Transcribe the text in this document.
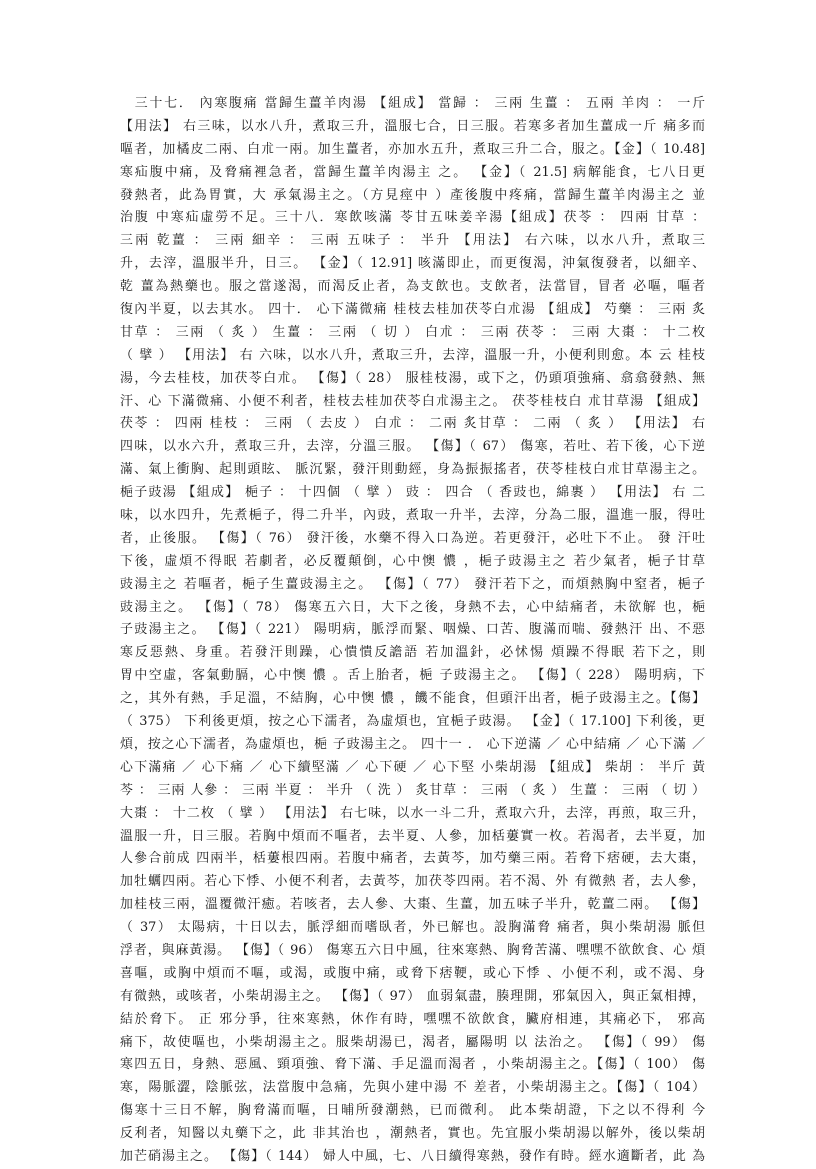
　三十七． 內寒腹痛 當歸生薑羊肉湯 【組成】 當歸 ： 三兩 生薑 ： 五兩 羊肉 ： 一斤
【用法】 右三味，以水八升，煮取三升，溫服七合，日三服。若寒多者加生薑成一斤 痛多而
嘔者，加橘皮二兩、白朮一兩。加生薑者，亦加水五升，煮取三升二合，服之。【金】（ 10.48]
寒疝腹中痛，及脅痛裡急者，當歸生薑羊肉湯主 之。 【金】（ 21.5] 病解能食，七八日更
發熱者，此為胃實，大 承氣湯主之。（方見痙中 ）產後腹中疼痛，當歸生薑羊肉湯主之 並
治腹 中寒疝虛勞不足。三十八．寒飲咳滿 苓甘五味姜辛湯【組成】茯苓 ： 四兩 甘草 ：
三兩 乾薑 ： 三兩 細辛 ： 三兩 五味子 ： 半升 【用法】 右六味，以水八升，煮取三
升，去滓，溫服半升，日三。 【金】（ 12.91] 咳滿即止，而更復渴，沖氣復發者，以細辛、
乾 薑為熱藥也。服之當遂渴，而渴反止者，為支飲也。支飲者，法當冒，冒者 必嘔，嘔者
復內半夏，以去其水。 四十． 心下滿微痛 桂枝去桂加茯苓白朮湯 【組成】 芍藥 ： 三兩 炙
甘草 ： 三兩 （ 炙 ） 生薑 ： 三兩 （ 切 ） 白朮 ： 三兩 茯苓 ： 三兩 大棗 ： 十二枚
（ 擘 ） 【用法】 右 六味，以水八升，煮取三升，去滓，溫服一升，小便利則愈。本 云 桂枝
湯，今去桂枝，加茯苓白朮。 【傷】（ 28） 服桂枝湯，或下之，仍頭項強痛、翕翕發熱、無
汗、心 下滿微痛、小便不利者，桂枝去桂加茯苓白朮湯主之。 茯苓桂枝白 朮甘草湯 【組成】
茯苓 ： 四兩 桂枝 ： 三兩 （ 去皮 ） 白朮 ： 二兩 炙甘草 ： 二兩 （ 炙 ） 【用法】 右
四味，以水六升，煮取三升，去滓，分溫三服。 【傷】（ 67） 傷寒，若吐、若下後，心下逆
滿、氣上衝胸、起則頭眩、 脈沉緊，發汗則動經，身為振振搖者，茯苓桂枝白朮甘草湯主之。
梔子豉湯 【組成】 梔子 ： 十四個 （ 擘 ） 豉 ： 四合 （ 香豉也，綿裹 ） 【用法】 右 二
味，以水四升，先煮梔子，得二升半，內豉，煮取一升半，去滓，分為二服，溫進一服，得吐
者，止後服。 【傷】（ 76） 發汗後，水藥不得入口為逆。若更發汗，必吐下不止。 發 汗吐
下後，虛煩不得眠 若劇者，必反覆顛倒，心中懊 憹 ，梔子豉湯主之 若少氣者，梔子甘草
豉湯主之 若嘔者，梔子生薑豉湯主之。 【傷】（ 77） 發汗若下之，而煩熱胸中窒者，梔子
豉湯主之。 【傷】（ 78） 傷寒五六日，大下之後，身熱不去，心中結痛者，未欲解 也，梔
子豉湯主之。 【傷】（ 221） 陽明病，脈浮而緊、咽燥、口苦、腹滿而喘、發熱汗 出、不惡
寒反惡熱、身重。若發汗則躁，心憒憒反譫語 若加溫針，必怵惕 煩躁不得眠 若下之，則
胃中空虛，客氣動膈，心中懊 憹 。舌上胎者，梔 子豉湯主之。 【傷】（ 228） 陽明病，下
之，其外有熱，手足溫，不結胸，心中懊 憹 ，饑不能食，但頭汗出者，梔子豉湯主之。【傷】
（ 375） 下利後更煩，按之心下濡者，為虛煩也，宜梔子豉湯。 【金】（ 17.100] 下利後，更
煩，按之心下濡者，為虛煩也，梔 子豉湯主之。 四十一 ． 心下逆滿 ／ 心中結痛 ／ 心下滿 ／
心下滿痛 ／ 心下痛 ／ 心下續堅滿 ／ 心下硬 ／ 心下堅 小柴胡湯 【組成】 柴胡 ： 半斤 黃
芩 ： 三兩 人參 ： 三兩 半夏 ： 半升 （ 洗 ） 炙甘草 ： 三兩 （ 炙 ） 生薑 ： 三兩 （ 切 ）
大棗 ： 十二枚 （ 擘 ） 【用法】 右七味，以水一斗二升，煮取六升，去滓，再煎，取三升，
溫服一升，日三服。若胸中煩而不嘔者，去半夏、人參，加栝蔞實一枚。若渴者，去半夏，加
人參合前成 四兩半，栝蔞根四兩。若腹中痛者，去黃芩，加芍藥三兩。若脅下痞硬，去大棗，
加牡蠣四兩。若心下悸、小便不利者，去黃芩，加茯苓四兩。若不渴、外 有微熱 者，去人參，
加桂枝三兩，溫覆微汗癒。若咳者，去人參、大棗、生薑，加五味子半升，乾薑二兩。 【傷】
（ 37） 太陽病，十日以去，脈浮細而嗜臥者，外已解也。設胸滿脅 痛者，與小柴胡湯 脈但
浮者，與麻黃湯。 【傷】（ 96） 傷寒五六日中風，往來寒熱、胸脅苦滿、嘿嘿不欲飲食、心 煩
喜嘔，或胸中煩而不嘔，或渴，或腹中痛，或脅下痞鞕，或心下悸 、小便不利，或不渴、身
有微熱，或咳者，小柴胡湯主之。 【傷】（ 97） 血弱氣盡，腠理開，邪氣因入，與正氣相搏，
結於脅下。 正 邪分爭，往來寒熱，休作有時，嘿嘿不欲飲食，臟府相連，其痛必下， 邪高
痛下，故使嘔也，小柴胡湯主之。服柴胡湯已，渴者，屬陽明 以 法治之。 【傷】（ 99） 傷
寒四五日，身熱、惡風、頸項強、脅下滿、手足溫而渴者 ，小柴胡湯主之。【傷】（ 100） 傷
寒，陽脈澀，陰脈弦，法當腹中急痛，先與小建中湯 不 差者，小柴胡湯主之。【傷】（ 104）
傷寒十三日不解，胸脅滿而嘔，日晡所發潮熱，已而微利。 此本柴胡證，下之以不得利 今
反利者，知醫以丸藥下之，此 非其治也 ，潮熱者，實也。先宜服小柴胡湯以解外，後以柴胡
加芒硝湯主之。 【傷】（ 144） 婦人中風，七、八日續得寒熱，發作有時。經水適斷者，此 為
